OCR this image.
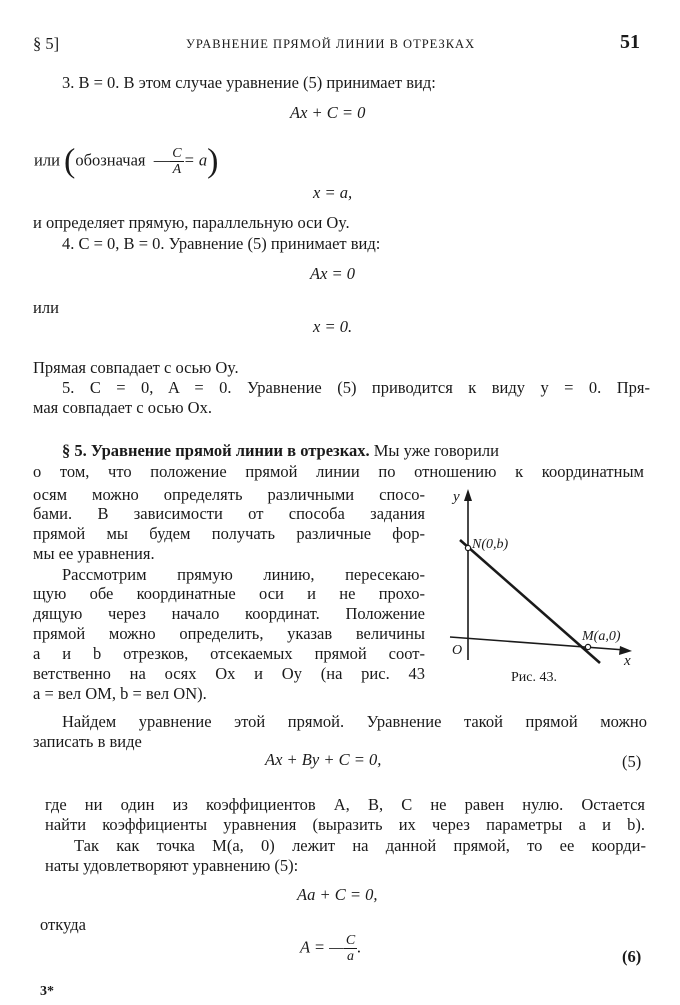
§ 5]	УРАВНЕНИЕ ПРЯМОЙ ЛИНИИ В ОТРЕЗКАХ	51
3. B = 0. В этом случае уравнение (5) принимает вид:
Ax + C = 0
или (обозначая  — $\frac{C}{A} = a$)
x = a,
и определяет прямую, параллельную оси Oy.
4. C = 0, B = 0. Уравнение (5) принимает вид:
Ax = 0
или
x = 0.
Прямая совпадает с осью Oy.
5. C = 0, A = 0. Уравнение (5) приводится к виду y = 0. Пря-
мая совпадает с осью Ox.
§ 5. Уравнение прямой линии в отрезках. Мы уже говорили
о том, что положение прямой линии по отношению к координатным
осям можно определять различными спосо-
бами. В зависимости от способа задания
прямой мы будем получать различные фор-
мы ее уравнения.
Рассмотрим прямую линию, пересекаю-
щую обе координатные оси и не прохо-
дящую через начало координат. Положение
прямой можно определить, указав величины
a и b отрезков, отсекаемых прямой соот-
ветственно на осях Ox и Oy (на рис. 43
a = вел OM, b = вел ON).
y
x
O
N(0,b)
M(a,0)
Рис. 43.
Найдем уравнение этой прямой. Уравнение такой прямой можно
записать в виде
Ax + By + C = 0,	(5)
где ни один из коэффициентов A, B, C не равен нулю. Остается
найти коэффициенты уравнения (выразить их через параметры a и b).
Так как точка M(a, 0) лежит на данной прямой, то ее коорди-
наты удовлетворяют уравнению (5):
Aa + C = 0,
откуда
A = — $\frac{C}{a}$ .
(6)
3*
